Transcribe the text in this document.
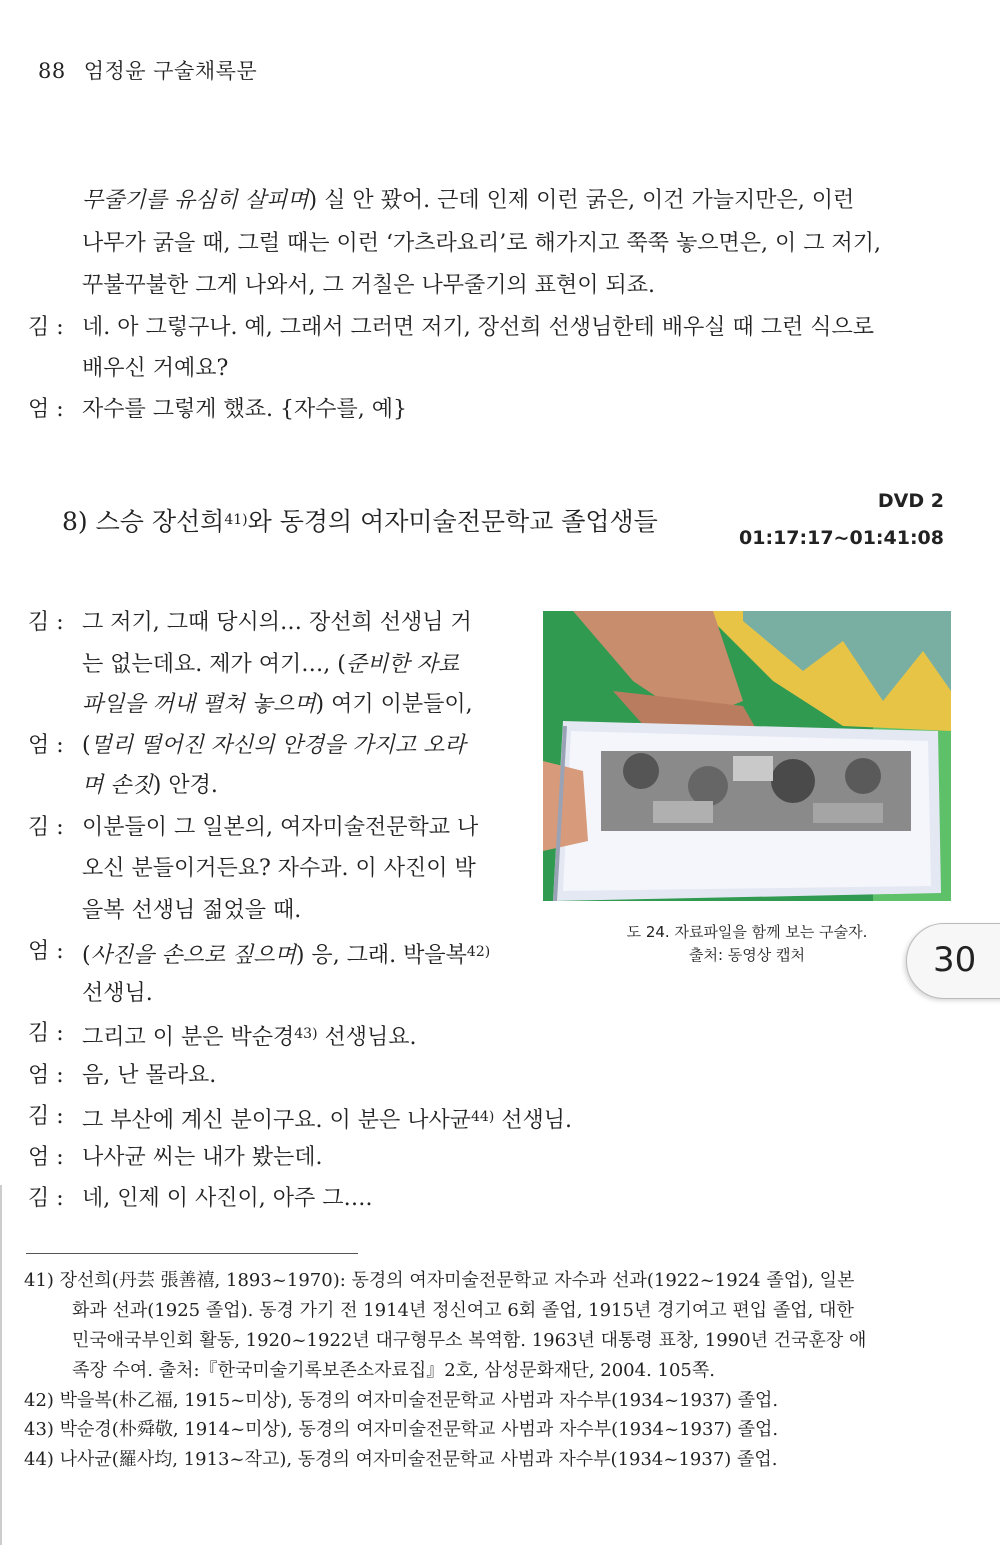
88 엄정윤 구술채록문
무줄기를 유심히 살피며) 실 안 꽜어. 근데 인제 이런 굵은, 이건 가늘지만은, 이런
나무가 굵을 때, 그럴 때는 이런 ‘가츠라요리’로 해가지고 쭉쭉 놓으면은, 이 그 저기,
꾸불꾸불한 그게 나와서, 그 거칠은 나무줄기의 표현이 되죠.
김 : 네. 아 그렇구나. 예, 그래서 그러면 저기, 장선희 선생님한테 배우실 때 그런 식으로
배우신 거예요?
엄 : 자수를 그렇게 했죠. {자수를, 예}
8) 스승 장선희$^{41)}$와 동경의 여자미술전문학교 졸업생들
DVD 2
01:17:17~01:41:08
김 : 그 저기, 그때 당시의… 장선희 선생님 거
는 없는데요. 제가 여기…, (준비한 자료
파일을 꺼내 펼쳐 놓으며) 여기 이분들이,
엄 : (멀리 떨어진 자신의 안경을 가지고 오라
며 손짓) 안경.
김 : 이분들이 그 일본의, 여자미술전문학교 나
오신 분들이거든요? 자수과. 이 사진이 박
을복 선생님 젊었을 때.
엄 : (사진을 손으로 짚으며) 응, 그래. 박을복$^{42)}$
선생님.
김 : 그리고 이 분은 박순경$^{43)}$ 선생님요.
엄 : 음, 난 몰라요.
김 : 그 부산에 계신 분이구요. 이 분은 나사균$^{44)}$ 선생님.
엄 : 나사균 씨는 내가 봤는데.
김 : 네, 인제 이 사진이, 아주 그….
도 24. 자료파일을 함께 보는 구술자.
출처: 동영상 캡처	30
41) 장선희(丹芸 張善禧, 1893~1970): 동경의 여자미술전문학교 자수과 선과(1922~1924 졸업), 일본
화과 선과(1925 졸업). 동경 가기 전 1914년 정신여고 6회 졸업, 1915년 경기여고 편입 졸업, 대한
민국애국부인회 활동, 1920~1922년 대구형무소 복역함. 1963년 대통령 표창, 1990년 건국훈장 애
족장 수여. 출처:『한국미술기록보존소자료집』2호, 삼성문화재단, 2004. 105쪽.
42) 박을복(朴乙福, 1915~미상), 동경의 여자미술전문학교 사범과 자수부(1934~1937) 졸업.
43) 박순경(朴舜敬, 1914~미상), 동경의 여자미술전문학교 사범과 자수부(1934~1937) 졸업.
44) 나사균(羅사均, 1913~작고), 동경의 여자미술전문학교 사범과 자수부(1934~1937) 졸업.
